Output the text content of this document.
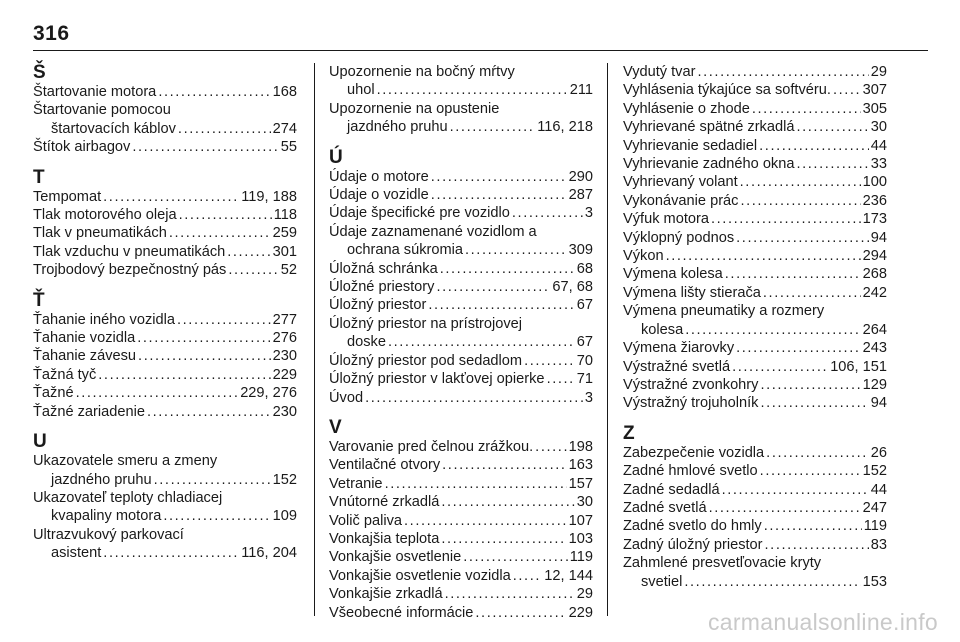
316
Š
Štartovanie motora .....	168
Štartovanie pomocou
štartovacích káblov .....	274
Štítok airbagov .....	55
T
Tempomat .....	119, 188
Tlak motorového oleja .....	118
Tlak v pneumatikách .....	259
Tlak vzduchu v pneumatikách .....	301
Trojbodový bezpečnostný pás .....	52
Ť
Ťahanie iného vozidla .....	277
Ťahanie vozidla .....	276
Ťahanie závesu .....	230
Ťažná tyč .....	229
Ťažné .....	229, 276
Ťažné zariadenie .....	230
U
Ukazovatele smeru a zmeny
jazdného pruhu .....	152
Ukazovateľ teploty chladiacej
kvapaliny motora .....	109
Ultrazvukový parkovací
asistent .....	116, 204
Upozornenie na bočný mŕtvy
uhol .....	211
Upozornenie na opustenie
jazdného pruhu .....	116, 218
Ú
Údaje o motore .....	290
Údaje o vozidle .....	287
Údaje špecifické pre vozidlo .....	3
Údaje zaznamenané vozidlom a
ochrana súkromia .....	309
Úložná schránka .....	68
Úložné priestory .....	67, 68
Úložný priestor .....	67
Úložný priestor na prístrojovej
doske .....	67
Úložný priestor pod sedadlom .....	70
Úložný priestor v lakťovej opierke ..... 71
Úvod .....	3
V
Varovanie pred čelnou zrážkou. ..... 198
Ventilačné otvory .....	163
Vetranie .....	157
Vnútorné zrkadlá .....	30
Volič paliva .....	107
Vonkajšia teplota .....	103
Vonkajšie osvetlenie .....	119
Vonkajšie osvetlenie vozidla ..... 12, 144
Vonkajšie zrkadlá .....	29
Všeobecné informácie .....	229
Vydutý tvar .....	29
Vyhlásenia týkajúce sa softvéru. ..... 307
Vyhlásenie o zhode .....	305
Vyhrievané spätné zrkadlá .....	30
Vyhrievanie sedadiel .....	44
Vyhrievanie zadného okna .....	33
Vyhrievaný volant .....	100
Vykonávanie prác .....	236
Výfuk motora .....	173
Výklopný podnos .....	94
Výkon .....	294
Výmena kolesa .....	268
Výmena lišty stierača .....	242
Výmena pneumatiky a rozmery
kolesa .....	264
Výmena žiarovky .....	243
Výstražné svetlá .....	106, 151
Výstražné zvonkohry .....	129
Výstražný trojuholník .....	94
Z
Zabezpečenie vozidla .....	26
Zadné hmlové svetlo .....	152
Zadné sedadlá .....	44
Zadné svetlá .....	247
Zadné svetlo do hmly .....	119
Zadný úložný priestor .....	83
Zahmlené presvetľovacie kryty
svetiel .....	153
carmanualsonline.info
